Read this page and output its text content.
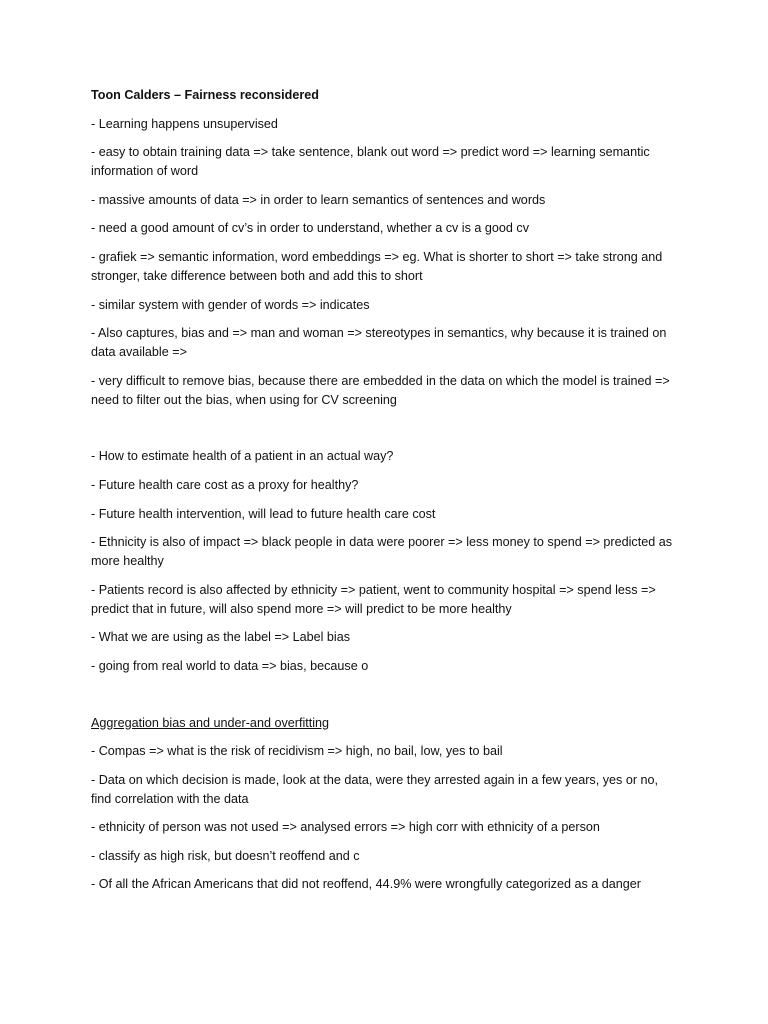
Toon Calders – Fairness reconsidered

- Learning happens unsupervised

- easy to obtain training data => take sentence, blank out word => predict word => learning semantic information of word

- massive amounts of data => in order to learn semantics of sentences and words

- need a good amount of cv’s in order to understand, whether a cv is a good cv

- grafiek => semantic information, word embeddings => eg. What is shorter to short => take strong and stronger, take difference between both and add this to short

- similar system with gender of words => indicates

- Also captures, bias and => man and woman => stereotypes in semantics, why because it is trained on data available =>

- very difficult to remove bias, because there are embedded in the data on which the model is trained => need to filter out the bias, when using for CV screening

- How to estimate health of a patient in an actual way?

- Future health care cost as a proxy for healthy?

- Future health intervention, will lead to future health care cost

- Ethnicity is also of impact => black people in data were poorer => less money to spend => predicted as more healthy

- Patients record is also affected by ethnicity => patient, went to community hospital => spend less => predict that in future, will also spend more => will predict to be more healthy

- What we are using as the label => Label bias

- going from real world to data => bias, because o

Aggregation bias and under-and overfitting

- Compas => what is the risk of recidivism => high, no bail, low, yes to bail

- Data on which decision is made, look at the data, were they arrested again in a few years, yes or no, find correlation with the data

- ethnicity of person was not used => analysed errors => high corr with ethnicity of a person

- classify as high risk, but doesn’t reoffend and c

- Of all the African Americans that did not reoffend, 44.9% were wrongfully categorized as a danger
